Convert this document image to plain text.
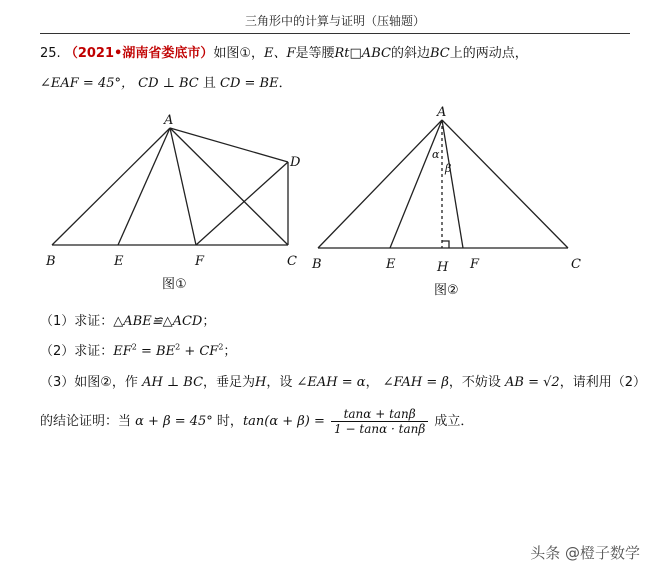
三角形中的计算与证明（压轴题）
25. （2021•湖南省娄底市）如图①，E、F是等腰Rt□ABC的斜边BC上的两动点，
∠EAF = 45°， CD ⊥ BC 且 CD = BE．
A
B	E	F	C
D
图①
A
α
β
B	E	H F	C
图②
（1）求证：△ABE≌△ACD；
（2）求证：$EF^2 = BE^2 + CF^2$；
（3）如图②，作 AH ⊥ BC，垂足为H，设 ∠EAH = α， ∠FAH = β，不妨设 AB = √2，请利用（2）
的结论证明：当 α + β = 45° 时，$\tan(\alpha + \beta) = \frac{\tan\alpha + \tan\beta}{1 - \tan\alpha \cdot \tan\beta}$ 成立．
头条 @橙子数学
